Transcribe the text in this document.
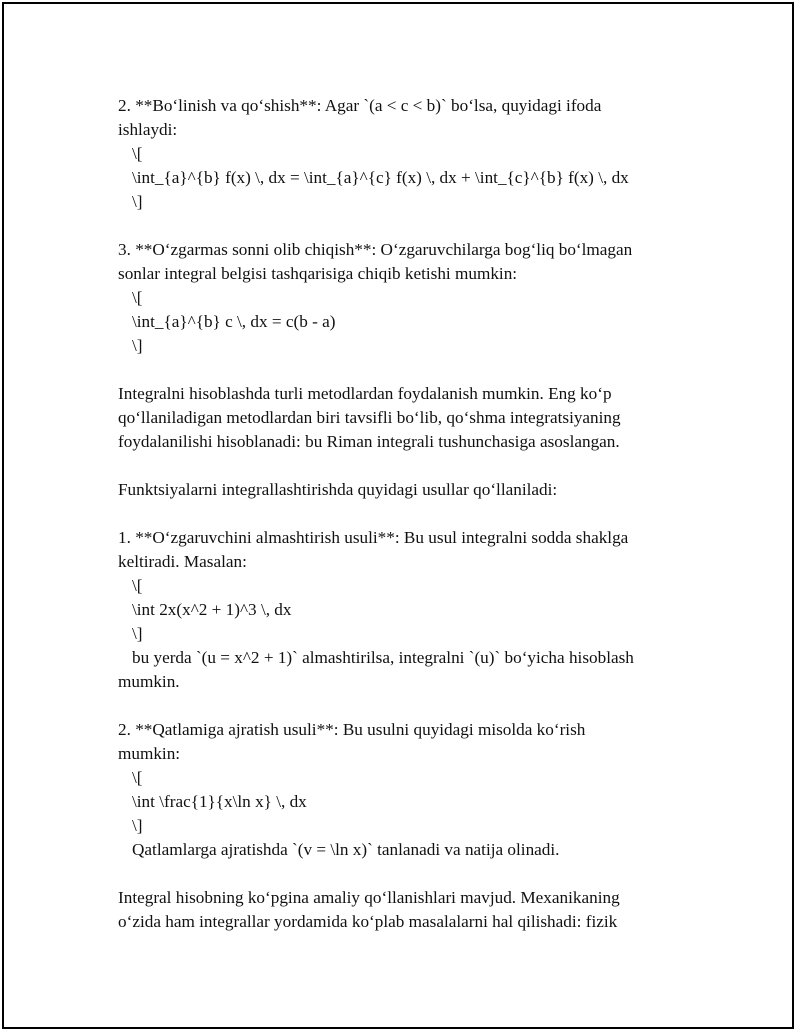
2. **Bo‘linish va qo‘shish**: Agar `(a < c < b)` bo‘lsa, quyidagi ifoda
ishlaydi:
\[
\int_{a}^{b} f(x) \, dx = \int_{a}^{c} f(x) \, dx + \int_{c}^{b} f(x) \, dx
\]
3. **O‘zgarmas sonni olib chiqish**: O‘zgaruvchilarga bog‘liq bo‘lmagan
sonlar integral belgisi tashqarisiga chiqib ketishi mumkin:
\[
\int_{a}^{b} c \, dx = c(b - a)
\]
Integralni hisoblashda turli metodlardan foydalanish mumkin. Eng ko‘p
qo‘llaniladigan metodlardan biri tavsifli bo‘lib, qo‘shma integratsiyaning
foydalanilishi hisoblanadi: bu Riman integrali tushunchasiga asoslangan.
Funktsiyalarni integrallashtirishda quyidagi usullar qo‘llaniladi:
1. **O‘zgaruvchini almashtirish usuli**: Bu usul integralni sodda shaklga
keltiradi. Masalan:
\[
\int 2x(x^2 + 1)^3 \, dx
\]
bu yerda `(u = x^2 + 1)` almashtirilsa, integralni `(u)` bo‘yicha hisoblash
mumkin.
2. **Qatlamiga ajratish usuli**: Bu usulni quyidagi misolda ko‘rish
mumkin:
\[
\int \frac{1}{x\ln x} \, dx
\]
Qatlamlarga ajratishda `(v = \ln x)` tanlanadi va natija olinadi.
Integral hisobning ko‘pgina amaliy qo‘llanishlari mavjud. Mexanikaning
o‘zida ham integrallar yordamida ko‘plab masalalarni hal qilishadi: fizik
